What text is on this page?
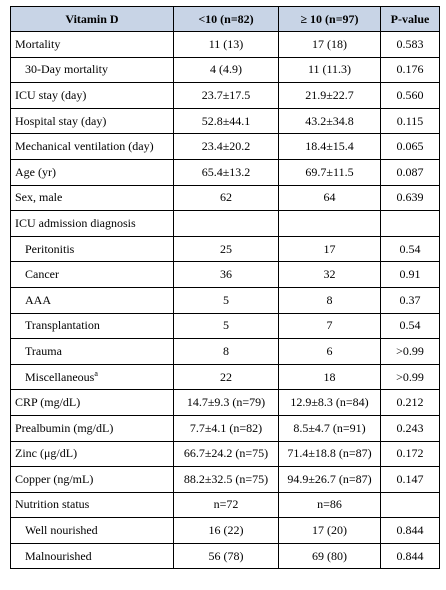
Vitamin D	<10 (n=82)	≥ 10 (n=97)	P-value
Mortality	11 (13)	17 (18)	0.583
30-Day mortality	4 (4.9)	11 (11.3)	0.176
ICU stay (day)	23.7±17.5	21.9±22.7	0.560
Hospital stay (day)	52.8±44.1	43.2±34.8	0.115
Mechanical ventilation (day)	23.4±20.2	18.4±15.4	0.065
Age (yr)	65.4±13.2	69.7±11.5	0.087
Sex, male	62	64	0.639
ICU admission diagnosis			
Peritonitis	25	17	0.54
Cancer	36	32	0.91
AAA	5	8	0.37
Transplantation	5	7	0.54
Trauma	8	6	>0.99
Miscellaneous$^a$	22	18	>0.99
CRP (mg/dL)	14.7±9.3 (n=79)	12.9±8.3 (n=84)	0.212
Prealbumin (mg/dL)	7.7±4.1 (n=82)	8.5±4.7 (n=91)	0.243
Zinc (μg/dL)	66.7±24.2 (n=75)	71.4±18.8 (n=87)	0.172
Copper (ng/mL)	88.2±32.5 (n=75)	94.9±26.7 (n=87)	0.147
Nutrition status	n=72	n=86	
Well nourished	16 (22)	17 (20)	0.844
Malnourished	56 (78)	69 (80)	0.844
